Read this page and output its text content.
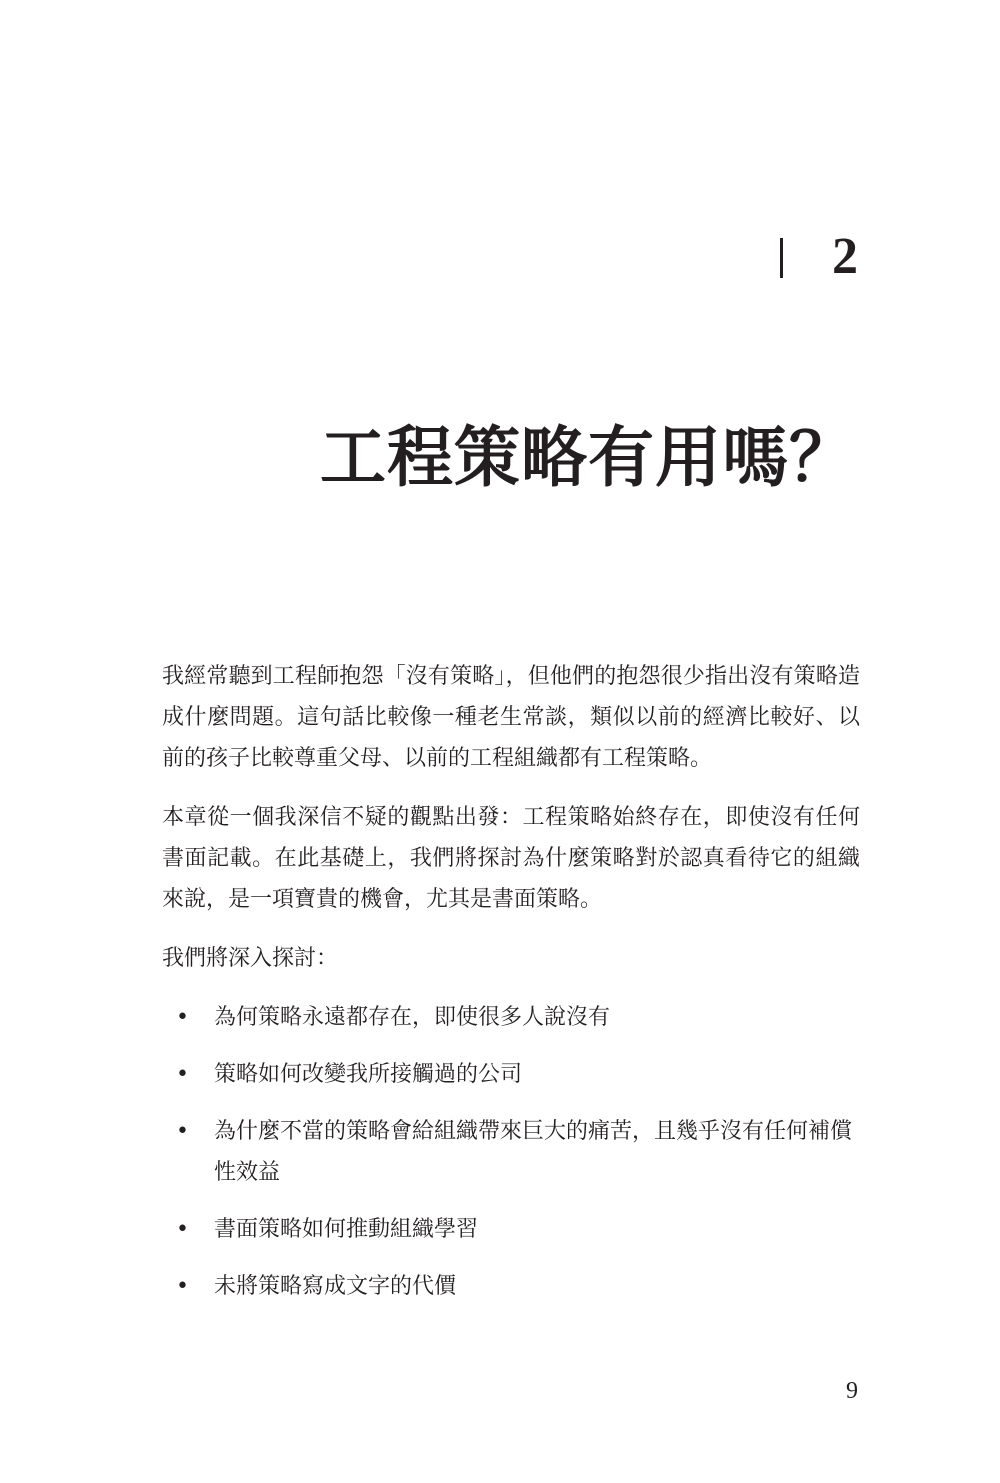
2
工程策略有用嗎？

我經常聽到工程師抱怨「沒有策略」，但他們的抱怨很少指出沒有策略造成什麼問題。這句話比較像一種老生常談，類似以前的經濟比較好、以前的孩子比較尊重父母、以前的工程組織都有工程策略。

本章從一個我深信不疑的觀點出發：工程策略始終存在，即使沒有任何書面記載。在此基礎上，我們將探討為什麼策略對於認真看待它的組織來說，是一項寶貴的機會，尤其是書面策略。

我們將深入探討：

• 為何策略永遠都存在，即使很多人說沒有
• 策略如何改變我所接觸過的公司
• 為什麼不當的策略會給組織帶來巨大的痛苦，且幾乎沒有任何補償性效益
• 書面策略如何推動組織學習
• 未將策略寫成文字的代價
9
